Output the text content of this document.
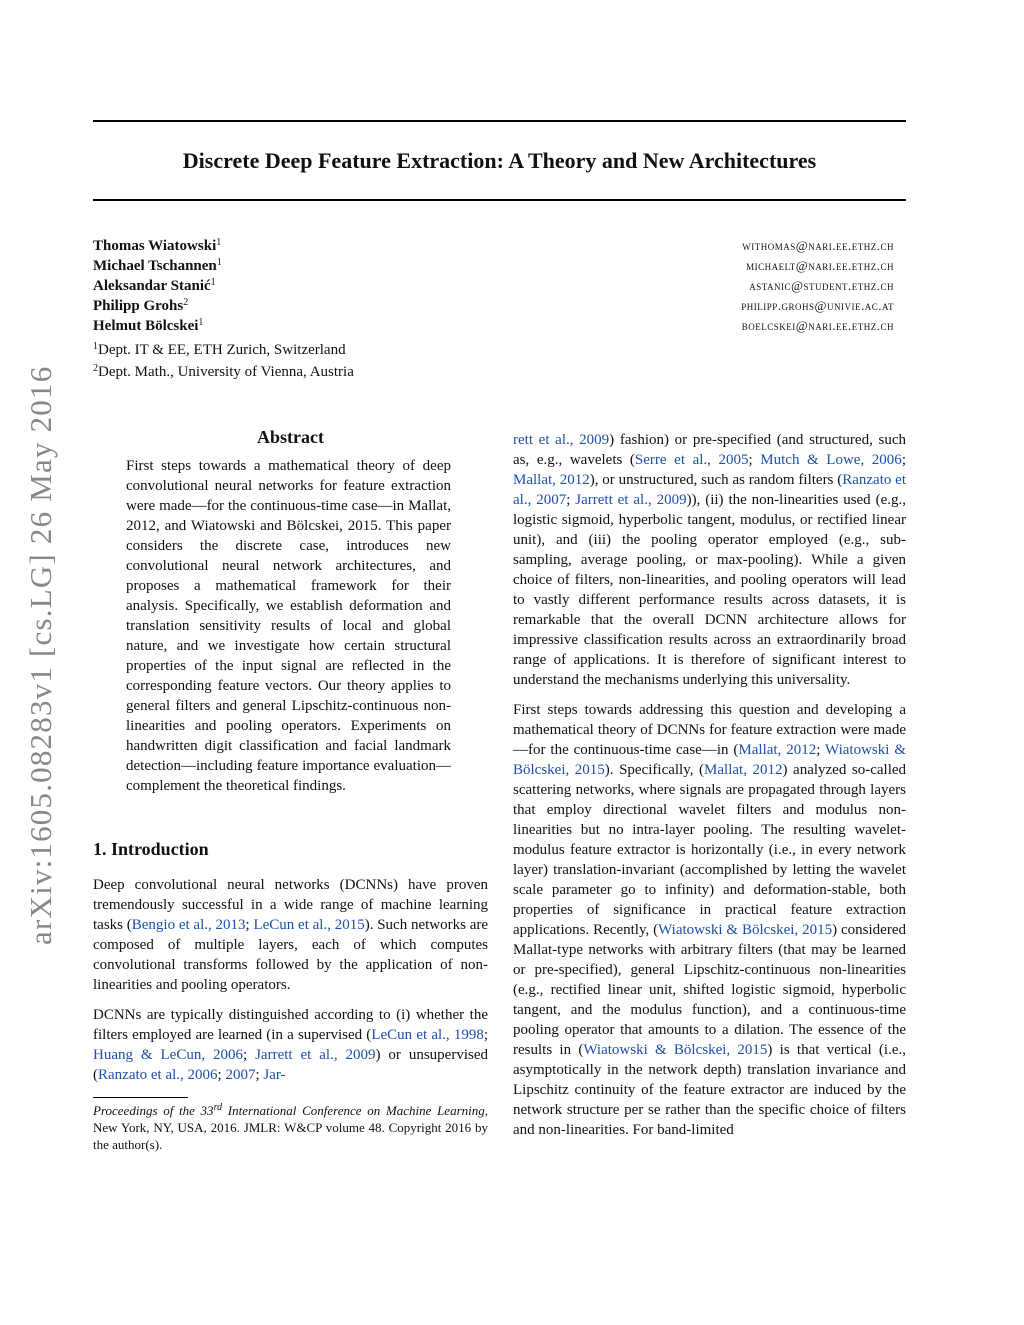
Discrete Deep Feature Extraction: A Theory and New Architectures
Thomas Wiatowski$^1$
Michael Tschannen$^1$
Aleksandar Stanić$^1$
Philipp Grohs$^2$
Helmut Bölcskei$^1$
withomas@nari.ee.ethz.ch
michaelt@nari.ee.ethz.ch
astanic@student.ethz.ch
philipp.grohs@univie.ac.at
boelcskei@nari.ee.ethz.ch
$^1$Dept. IT & EE, ETH Zurich, Switzerland
$^2$Dept. Math., University of Vienna, Austria
arXiv:1605.08283v1 [cs.LG] 26 May 2016	Abstract
First steps towards a mathematical theory of deep convolutional neural networks for feature extraction were made—for the continuous-time case—in Mallat, 2012, and Wiatowski and Bölcskei, 2015. This paper considers the discrete case, introduces new convolutional neural network architectures, and proposes a mathematical framework for their analysis. Specifically, we establish deformation and translation sensitivity results of local and global nature, and we investigate how certain structural properties of the input signal are reflected in the corresponding feature vectors. Our theory applies to general filters and general Lipschitz-continuous non-linearities and pooling operators. Experiments on handwritten digit classification and facial landmark detection—including feature importance evaluation—complement the theoretical findings.
1. Introduction

Deep convolutional neural networks (DCNNs) have proven tremendously successful in a wide range of machine learning tasks (Bengio et al., 2013; LeCun et al., 2015). Such networks are composed of multiple layers, each of which computes convolutional transforms followed by the application of non-linearities and pooling operators.

DCNNs are typically distinguished according to (i) whether the filters employed are learned (in a supervised (LeCun et al., 1998; Huang & LeCun, 2006; Jarrett et al., 2009) or unsupervised (Ranzato et al., 2006; 2007; Jar-

Proceedings of the 33rd International Conference on Machine Learning, New York, NY, USA, 2016. JMLR: W&CP volume 48. Copyright 2016 by the author(s).

rett et al., 2009) fashion) or pre-specified (and structured, such as, e.g., wavelets (Serre et al., 2005; Mutch & Lowe, 2006; Mallat, 2012), or unstructured, such as random filters (Ranzato et al., 2007; Jarrett et al., 2009)), (ii) the non-linearities used (e.g., logistic sigmoid, hyperbolic tangent, modulus, or rectified linear unit), and (iii) the pooling operator employed (e.g., sub-sampling, average pooling, or max-pooling). While a given choice of filters, non-linearities, and pooling operators will lead to vastly different performance results across datasets, it is remarkable that the overall DCNN architecture allows for impressive classification results across an extraordinarily broad range of applications. It is therefore of significant interest to understand the mechanisms underlying this universality.

First steps towards addressing this question and developing a mathematical theory of DCNNs for feature extraction were made—for the continuous-time case—in (Mallat, 2012; Wiatowski & Bölcskei, 2015). Specifically, (Mallat, 2012) analyzed so-called scattering networks, where signals are propagated through layers that employ directional wavelet filters and modulus non-linearities but no intra-layer pooling. The resulting wavelet-modulus feature extractor is horizontally (i.e., in every network layer) translation-invariant (accomplished by letting the wavelet scale parameter go to infinity) and deformation-stable, both properties of significance in practical feature extraction applications. Recently, (Wiatowski & Bölcskei, 2015) considered Mallat-type networks with arbitrary filters (that may be learned or pre-specified), general Lipschitz-continuous non-linearities (e.g., rectified linear unit, shifted logistic sigmoid, hyperbolic tangent, and the modulus function), and a continuous-time pooling operator that amounts to a dilation. The essence of the results in (Wiatowski & Bölcskei, 2015) is that vertical (i.e., asymptotically in the network depth) translation invariance and Lipschitz continuity of the feature extractor are induced by the network structure per se rather than the specific choice of filters and non-linearities. For band-limited
